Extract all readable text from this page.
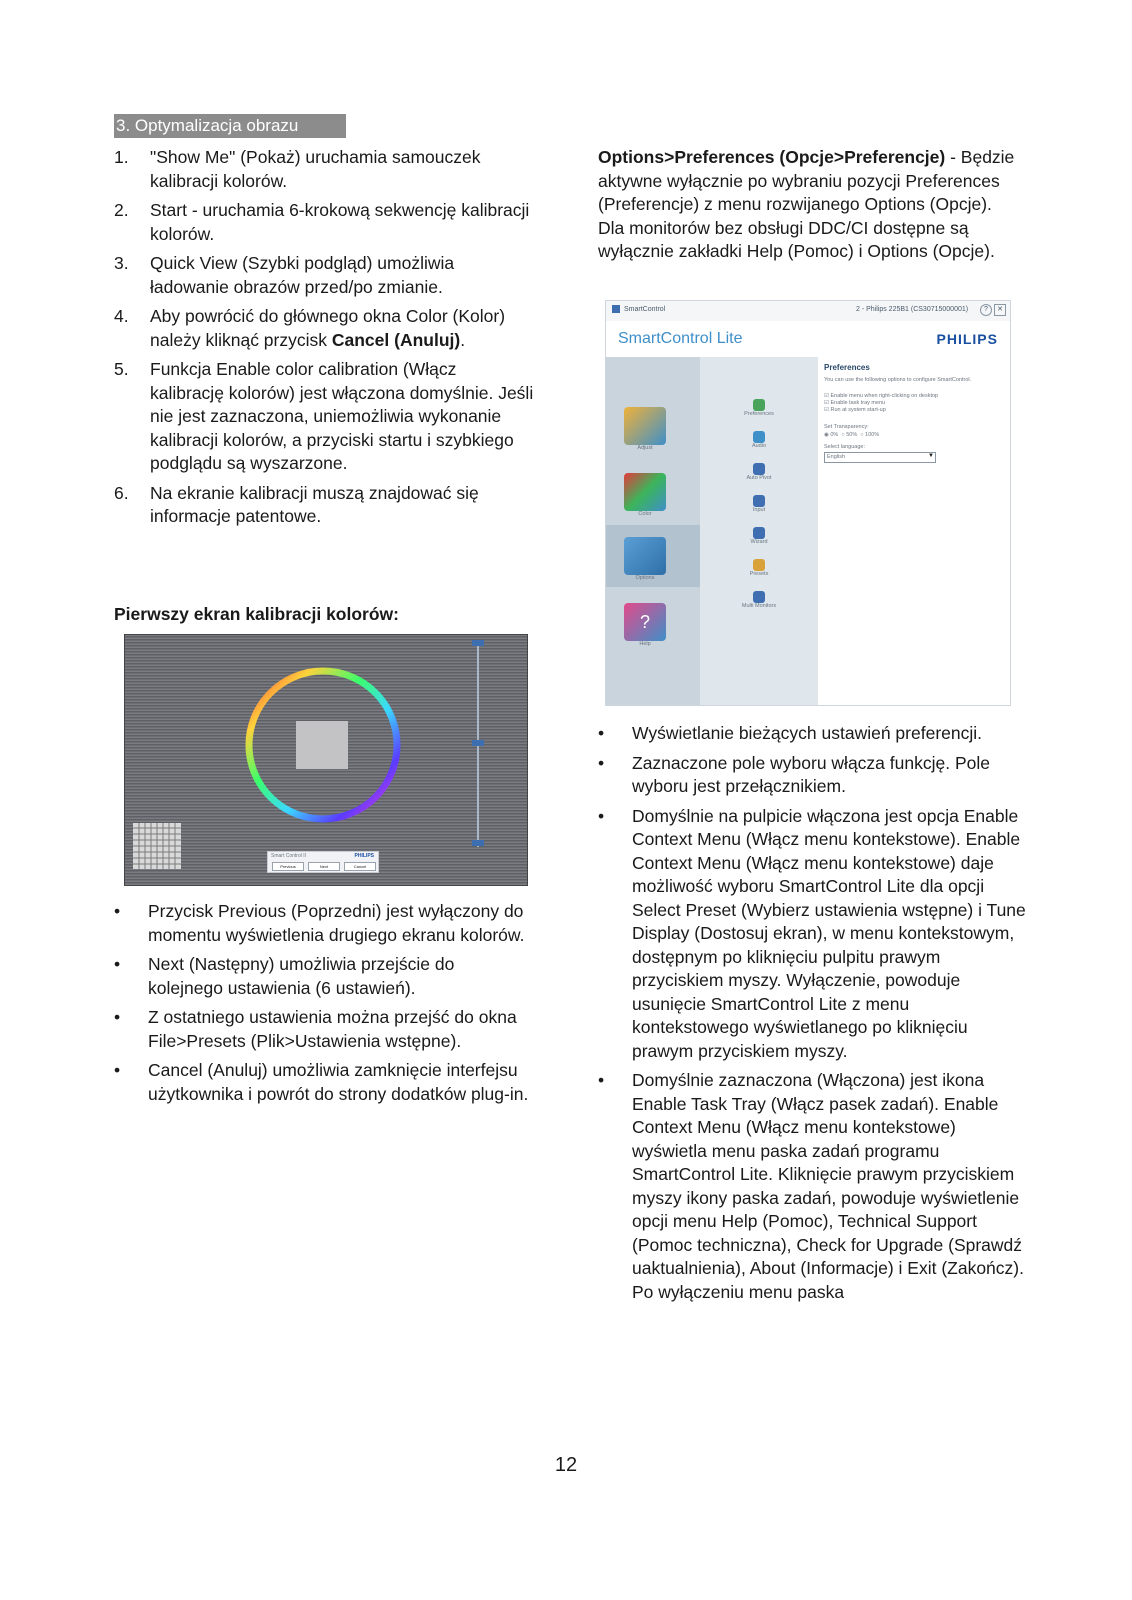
3. Optymalizacja obrazu
1.	"Show Me" (Pokaż) uruchamia samouczek kalibracji kolorów.
2.	Start - uruchamia 6-krokową sekwencję kalibracji kolorów.
3.	Quick View (Szybki podgląd) umożliwia ładowanie obrazów przed/po zmianie.
4.	Aby powrócić do głównego okna Color (Kolor) należy kliknąć przycisk Cancel (Anuluj).
5.	Funkcja Enable color calibration (Włącz kalibrację kolorów) jest włączona domyślnie. Jeśli nie jest zaznaczona, uniemożliwia wykonanie kalibracji kolorów, a przyciski startu i szybkiego podglądu są wyszarzone.
6.	Na ekranie kalibracji muszą znajdować się informacje patentowe.
Pierwszy ekran kalibracji kolorów:
Smart Control II	PHILIPS
Previous	Next	Cancel
•	Przycisk Previous (Poprzedni) jest wyłączony do momentu wyświetlenia drugiego ekranu kolorów.
•	Next (Następny) umożliwia przejście do kolejnego ustawienia (6 ustawień).
•	Z ostatniego ustawienia można przejść do okna File>Presets (Plik>Ustawienia wstępne).
•	Cancel (Anuluj) umożliwia zamknięcie interfejsu użytkownika i powrót do strony dodatków plug-in.
Options>Preferences (Opcje>Preferencje) - Będzie aktywne wyłącznie po wybraniu pozycji Preferences (Preferencje) z menu rozwijanego Options (Opcje). Dla monitorów bez obsługi DDC/CI dostępne są wyłącznie zakładki Help (Pomoc) i Options (Opcje).
SmartControl	2 - Philips 225B1 (CS30715000001)	?	✕
SmartControl Lite	PHILIPS
Adjust
Color
Options
?
Help
Preferences
Audio
Auto Pivot
Input
Wizard
Presets
Multi Monitors
Preferences
You can use the following options to configure SmartControl.
☑ Enable menu when right-clicking on desktop
☑ Enable task tray menu
☑ Run at system start-up
Set Transparency:
◉ 0% ○ 50% ○ 100%
Select language:
English	▼
•	Wyświetlanie bieżących ustawień preferencji.
•	Zaznaczone pole wyboru włącza funkcję. Pole wyboru jest przełącznikiem.
•	Domyślnie na pulpicie włączona jest opcja Enable Context Menu (Włącz menu kontekstowe). Enable Context Menu (Włącz menu kontekstowe) daje możliwość wyboru SmartControl Lite dla opcji Select Preset (Wybierz ustawienia wstępne) i Tune Display (Dostosuj ekran), w menu kontekstowym, dostępnym po kliknięciu pulpitu prawym przyciskiem myszy. Wyłączenie, powoduje usunięcie SmartControl Lite z menu kontekstowego wyświetlanego po kliknięciu prawym przyciskiem myszy.
•	Domyślnie zaznaczona (Włączona) jest ikona Enable Task Tray (Włącz pasek zadań). Enable Context Menu (Włącz menu kontekstowe) wyświetla menu paska zadań programu SmartControl Lite. Kliknięcie prawym przyciskiem myszy ikony paska zadań, powoduje wyświetlenie opcji menu Help (Pomoc), Technical Support (Pomoc techniczna), Check for Upgrade (Sprawdź uaktualnienia), About (Informacje) i Exit (Zakończ). Po wyłączeniu menu paska
12
